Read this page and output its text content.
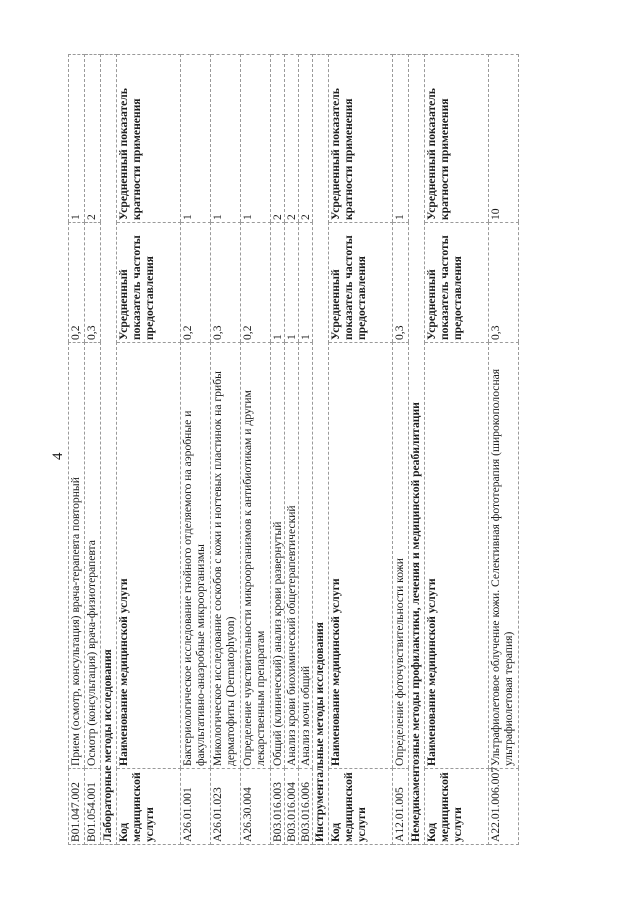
4
B01.047.002	Прием (осмотр, консультация) врача-терапевта повторный	0,2	1
B01.054.001	Осмотр (консультация) врача-физиотерапевта	0,3	2
Лабораторные методы исследования			
Код медицинской услуги	Наименование медицинской услуги	Усредненный показатель частоты предоставления	Усредненный показатель кратности применения
A26.01.001	Бактериологическое исследование гнойного отделяемого на аэробные и факультативно-анаэробные микроорганизмы	0,2	1
A26.01.023	Микологическое исследование соскобов с кожи и ногтевых пластинок на грибы дерматофиты (Dermatophyton)	0,3	1
A26.30.004	Определение чувствительности микроорганизмов к антибиотикам и другим лекарственным препаратам	0,2	1
B03.016.003	Общий (клинический) анализ крови развернутый	1	2
B03.016.004	Анализ крови биохимический общетерапевтический	1	2
B03.016.006	Анализ мочи общий	1	2
Инструментальные методы исследования			
Код медицинской услуги	Наименование медицинской услуги	Усредненный показатель частоты предоставления	Усредненный показатель кратности применения
A12.01.005	Определение фоточувствительности кожи	0,3	1
Немедикаментозные методы профилактики, лечения и медицинской реабилитации			
Код медицинской услуги	Наименование медицинской услуги	Усредненный показатель частоты предоставления	Усредненный показатель кратности применения
A22.01.006.007	Ультрафиолетовое облучение кожи. Селективная фототерапия (широкополосная ультрафиолетовая терапия)	0,3	10
